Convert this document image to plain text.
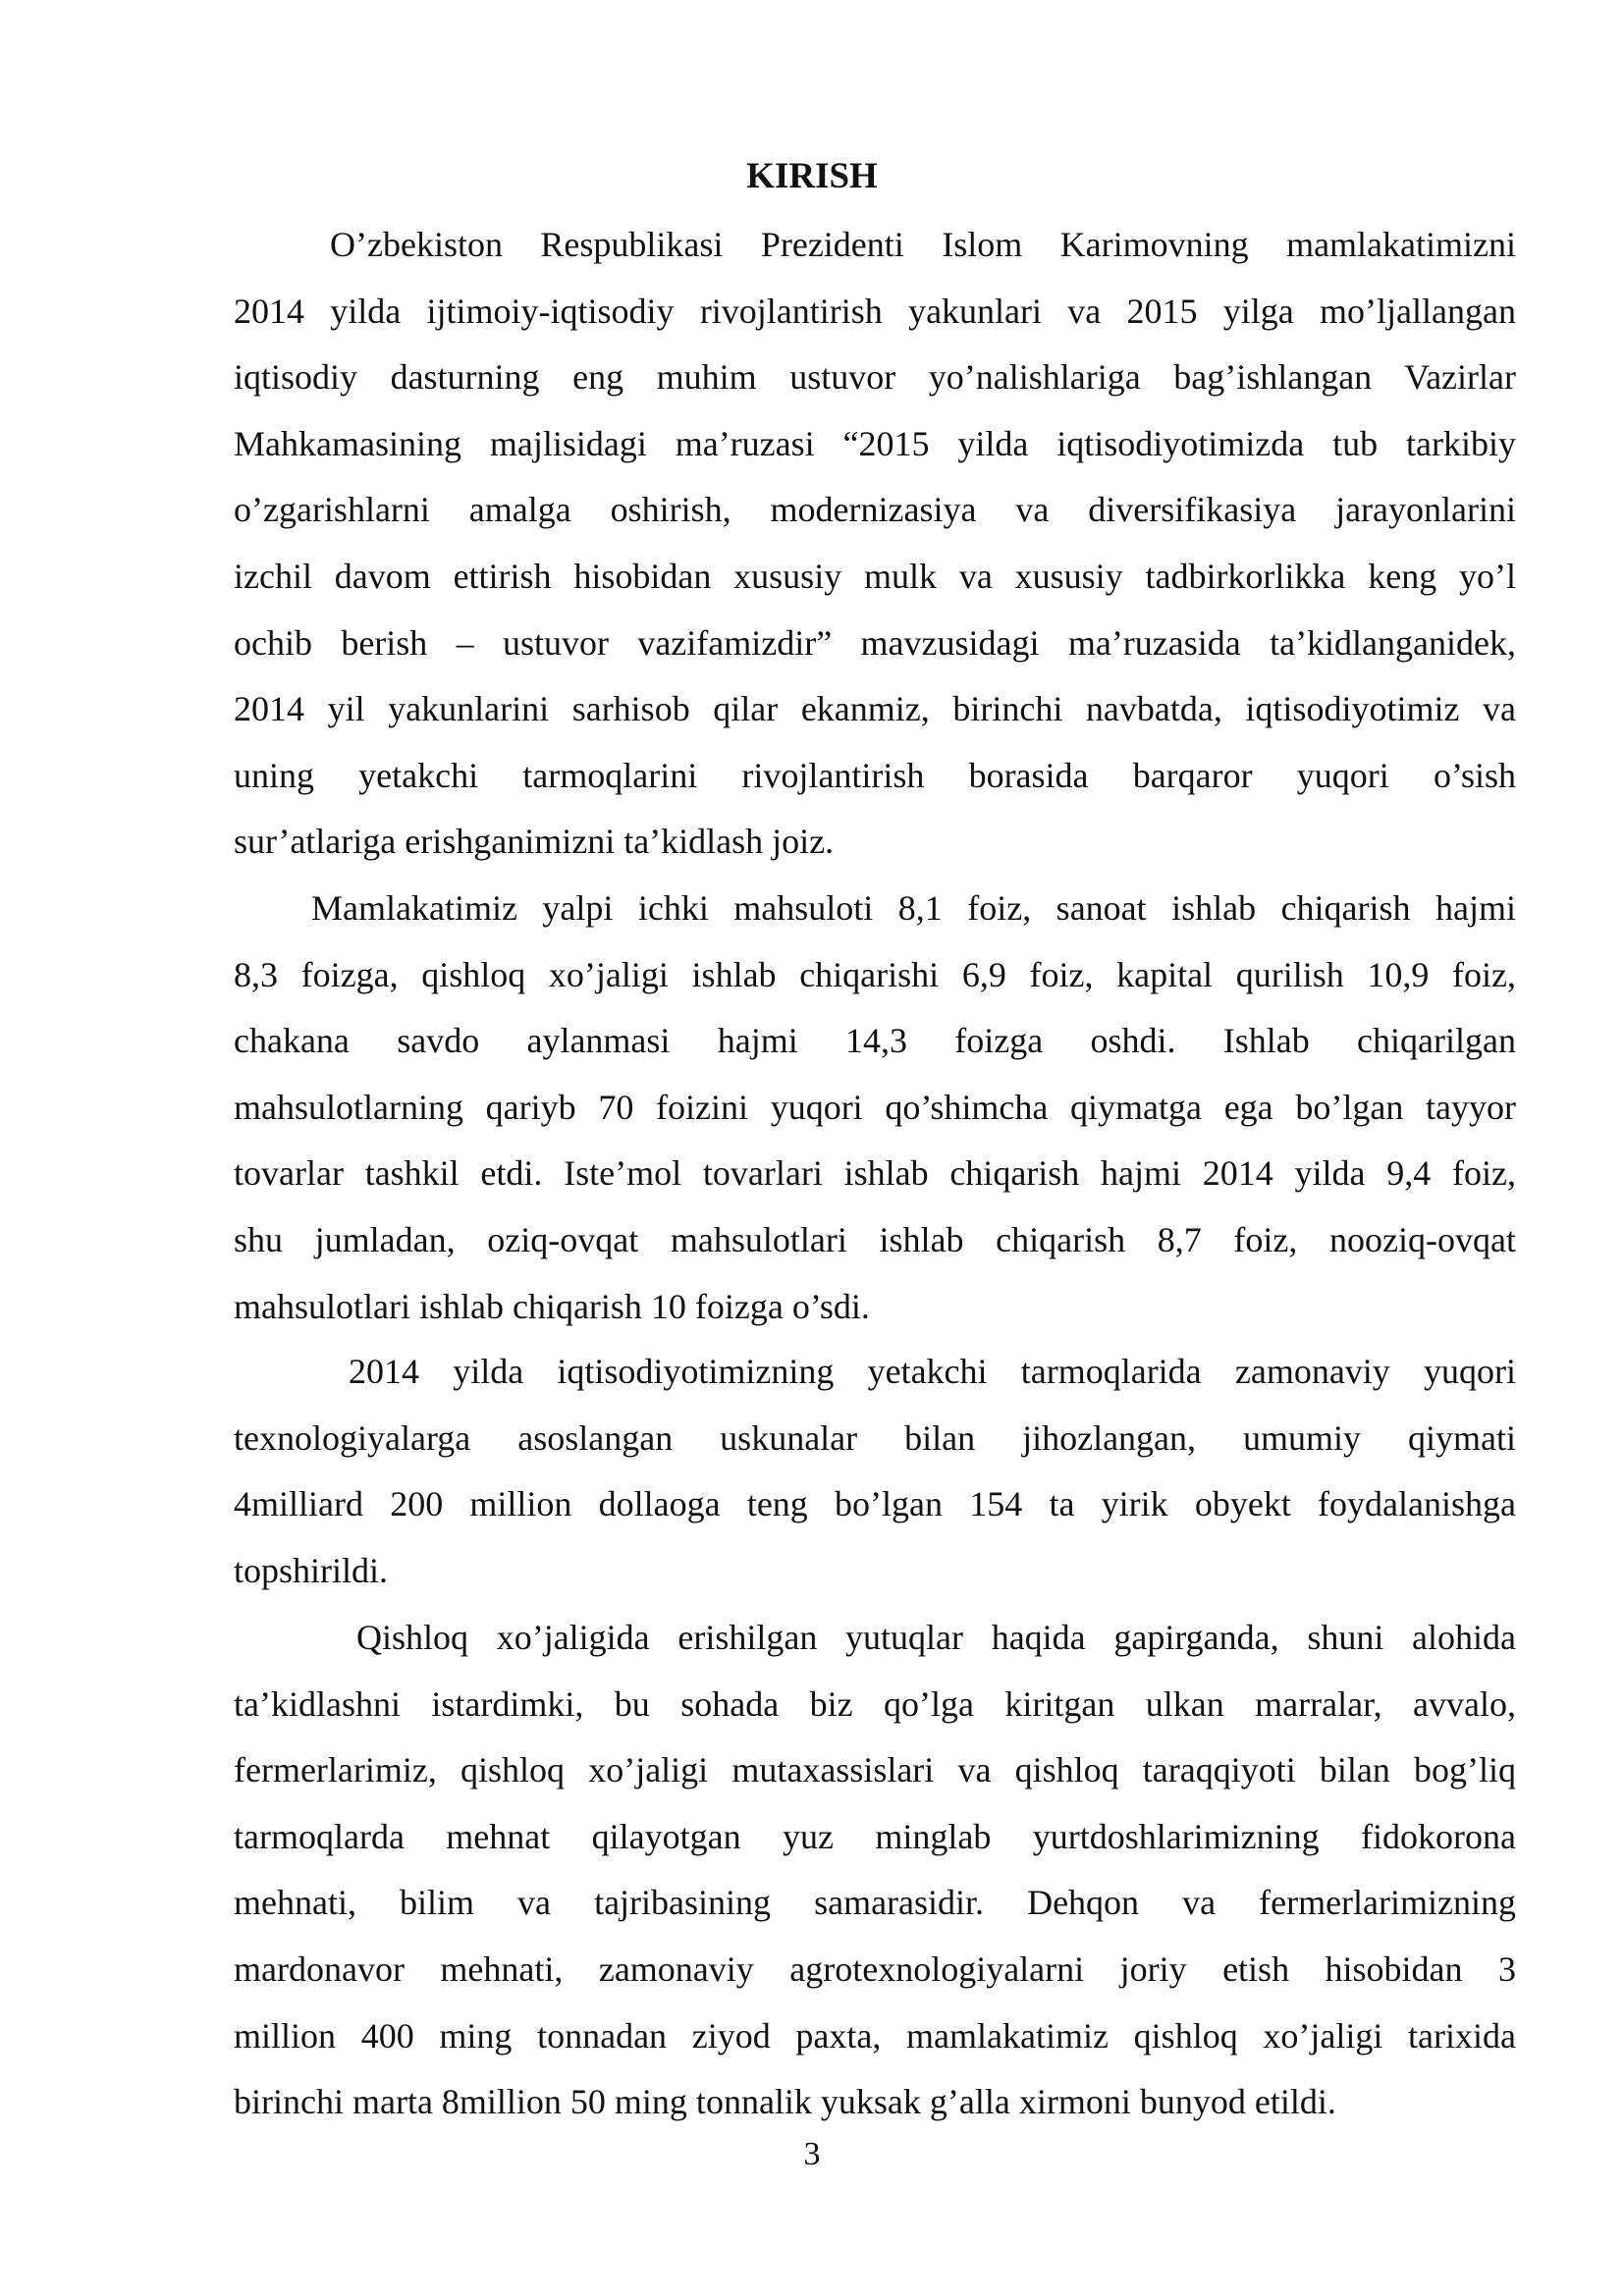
KIRISH
O’zbekiston Respublikasi Prezidenti Islom Karimovning mamlakatimizni
2014 yilda ijtimoiy-iqtisodiy rivojlantirish yakunlari va 2015 yilga mo’ljallangan
iqtisodiy dasturning eng muhim ustuvor yo’nalishlariga bag’ishlangan Vazirlar
Mahkamasining majlisidagi ma’ruzasi “2015 yilda iqtisodiyotimizda tub tarkibiy
o’zgarishlarni amalga oshirish, modernizasiya va diversifikasiya jarayonlarini
izchil davom ettirish hisobidan xususiy mulk va xususiy tadbirkorlikka keng yo’l
ochib berish – ustuvor vazifamizdir” mavzusidagi ma’ruzasida ta’kidlanganidek,
2014 yil yakunlarini sarhisob qilar ekanmiz, birinchi navbatda, iqtisodiyotimiz va
uning yetakchi tarmoqlarini rivojlantirish borasida barqaror yuqori o’sish
sur’atlariga erishganimizni ta’kidlash joiz.
Mamlakatimiz yalpi ichki mahsuloti 8,1 foiz, sanoat ishlab chiqarish hajmi
8,3 foizga, qishloq xo’jaligi ishlab chiqarishi 6,9 foiz, kapital qurilish 10,9 foiz,
chakana savdo aylanmasi hajmi 14,3 foizga oshdi. Ishlab chiqarilgan
mahsulotlarning qariyb 70 foizini yuqori qo’shimcha qiymatga ega bo’lgan tayyor
tovarlar tashkil etdi. Iste’mol tovarlari ishlab chiqarish hajmi 2014 yilda 9,4 foiz,
shu jumladan, oziq-ovqat mahsulotlari ishlab chiqarish 8,7 foiz, nooziq-ovqat
mahsulotlari ishlab chiqarish 10 foizga o’sdi.
2014 yilda iqtisodiyotimizning yetakchi tarmoqlarida zamonaviy yuqori
texnologiyalarga asoslangan uskunalar bilan jihozlangan, umumiy qiymati
4milliard 200 million dollaoga teng bo’lgan 154 ta yirik obyekt foydalanishga
topshirildi.
Qishloq xo’jaligida erishilgan yutuqlar haqida gapirganda, shuni alohida
ta’kidlashni istardimki, bu sohada biz qo’lga kiritgan ulkan marralar, avvalo,
fermerlarimiz, qishloq xo’jaligi mutaxassislari va qishloq taraqqiyoti bilan bog’liq
tarmoqlarda mehnat qilayotgan yuz minglab yurtdoshlarimizning fidokorona
mehnati, bilim va tajribasining samarasidir. Dehqon va fermerlarimizning
mardonavor mehnati, zamonaviy agrotexnologiyalarni joriy etish hisobidan 3
million 400 ming tonnadan ziyod paxta, mamlakatimiz qishloq xo’jaligi tarixida
birinchi marta 8million 50 ming tonnalik yuksak g’alla xirmoni bunyod etildi.

3
